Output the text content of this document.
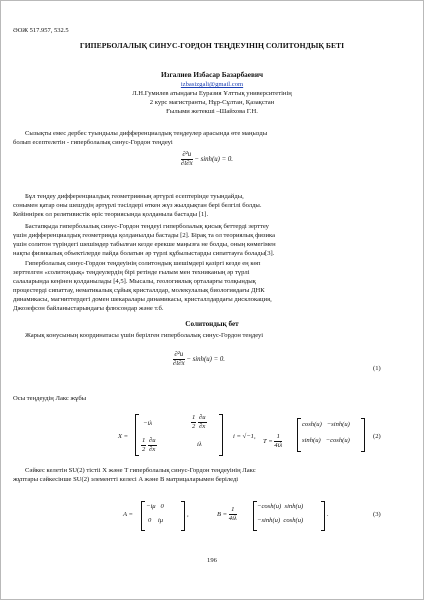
ӘОЖ 517.957, 532.5
ГИПЕРБОЛАЛЫҚ СИНУС-ГОРДОН ТЕҢДЕУІНІҢ СОЛИТОНДЫҚ БЕТІ
Изгалиев Избасар Базарбаевич
izbasizgali@gmail.com
Л.Н.Гумилев атындағы Еуразия Ұлттық университетінің
2 курс магистранты, Нұр-Сұлтан, Қазақстан
Ғылыми жетекші –Шайхова Г.Н.
Сызықты емес дербес туындылы дифференциалдық теңдеулер арасында өте маңызды
болып есептелетін - гиперболалық синус-Гордон теңдеуі
$\frac{\text{∂²u}}{\partial t\partial x} - \sinh(u) = 0$.
Бұл теңдеу дифференциалдық геометрияның әртүрлі есептерінде туындайды,
сонымен қатар оны шешудің әртүрлі тәсілдері өткен жүз жылдықтан бері белгілі болды.
Кейіннірек ол релятивистік өріс теориясында қолданыла бастады [1].
Бастапқыда гиперболалық синус-Гордон теңдеуі гиперболалық қисық беттерді зерттеу
үшін дифференциалдық геометрияда қолданылды бастады [2]. Бірақ та ол теориялық физика
үшін солитон түріндегі шешімдер табылған кезде ерекше маңызға не болды, оның көмегімен
нақты физикалық объектілерде пайда болатын әр түрлі құбылыстарды сипаттауға болады[3].
Гиперболалық синус-Гордон теңдеуінің солитондық шешімдері қазіргі кезде ең көп
зерттелген «солитондық» теңдеулердің бірі ретінде ғылым мен техниканың әр түрлі
салаларында кеңінен қолданылады [4,5]. Мысалы, геологиялық орталарғы толқындық
процестерді сипаттау, нематикалық сұйық кристаллдар, молекулалық биологиядағы ДНК
динамикасы, магниттердегі домен шекаралары динамикасы, кристаллдардағы дисклокация,
Джозефсон байланыстарындағы флюсондар және т.б.
Солитондық бет
Жарық конусының координатасы үшін берілген гиперболалық синус-Гордон теңдеуі
$\frac{\text{∂²u}}{\partial t\partial x} - \sinh(u) = 0$.
(1)
Осы теңдеудің Лакс жұбы
X =
−iλ	$\frac{1}{2}$
$\frac{\partial u}{\partial x}$
$\frac{1}{2}$
$\frac{\partial u}{\partial x}$	iλ
i = √−1,
$T = \frac{1}{4i\lambda}$
cosh(u)   −sinh(u)
sinh(u)   −cosh(u)
(2)
Сәйкес келетін SU(2) тістіі X және T гиперболалық синус-Гордон теңдеуінің Лакс
жұптары сәйкесінше SU(2) элементті келесі A және B матрицаларымен беріледі
A =
−iμ   0
0    iμ
,	$B = \frac{1}{4i\lambda}$	−cosh(u)  sinh(u)
−sinh(u)  cosh(u)
.	(3)
196
